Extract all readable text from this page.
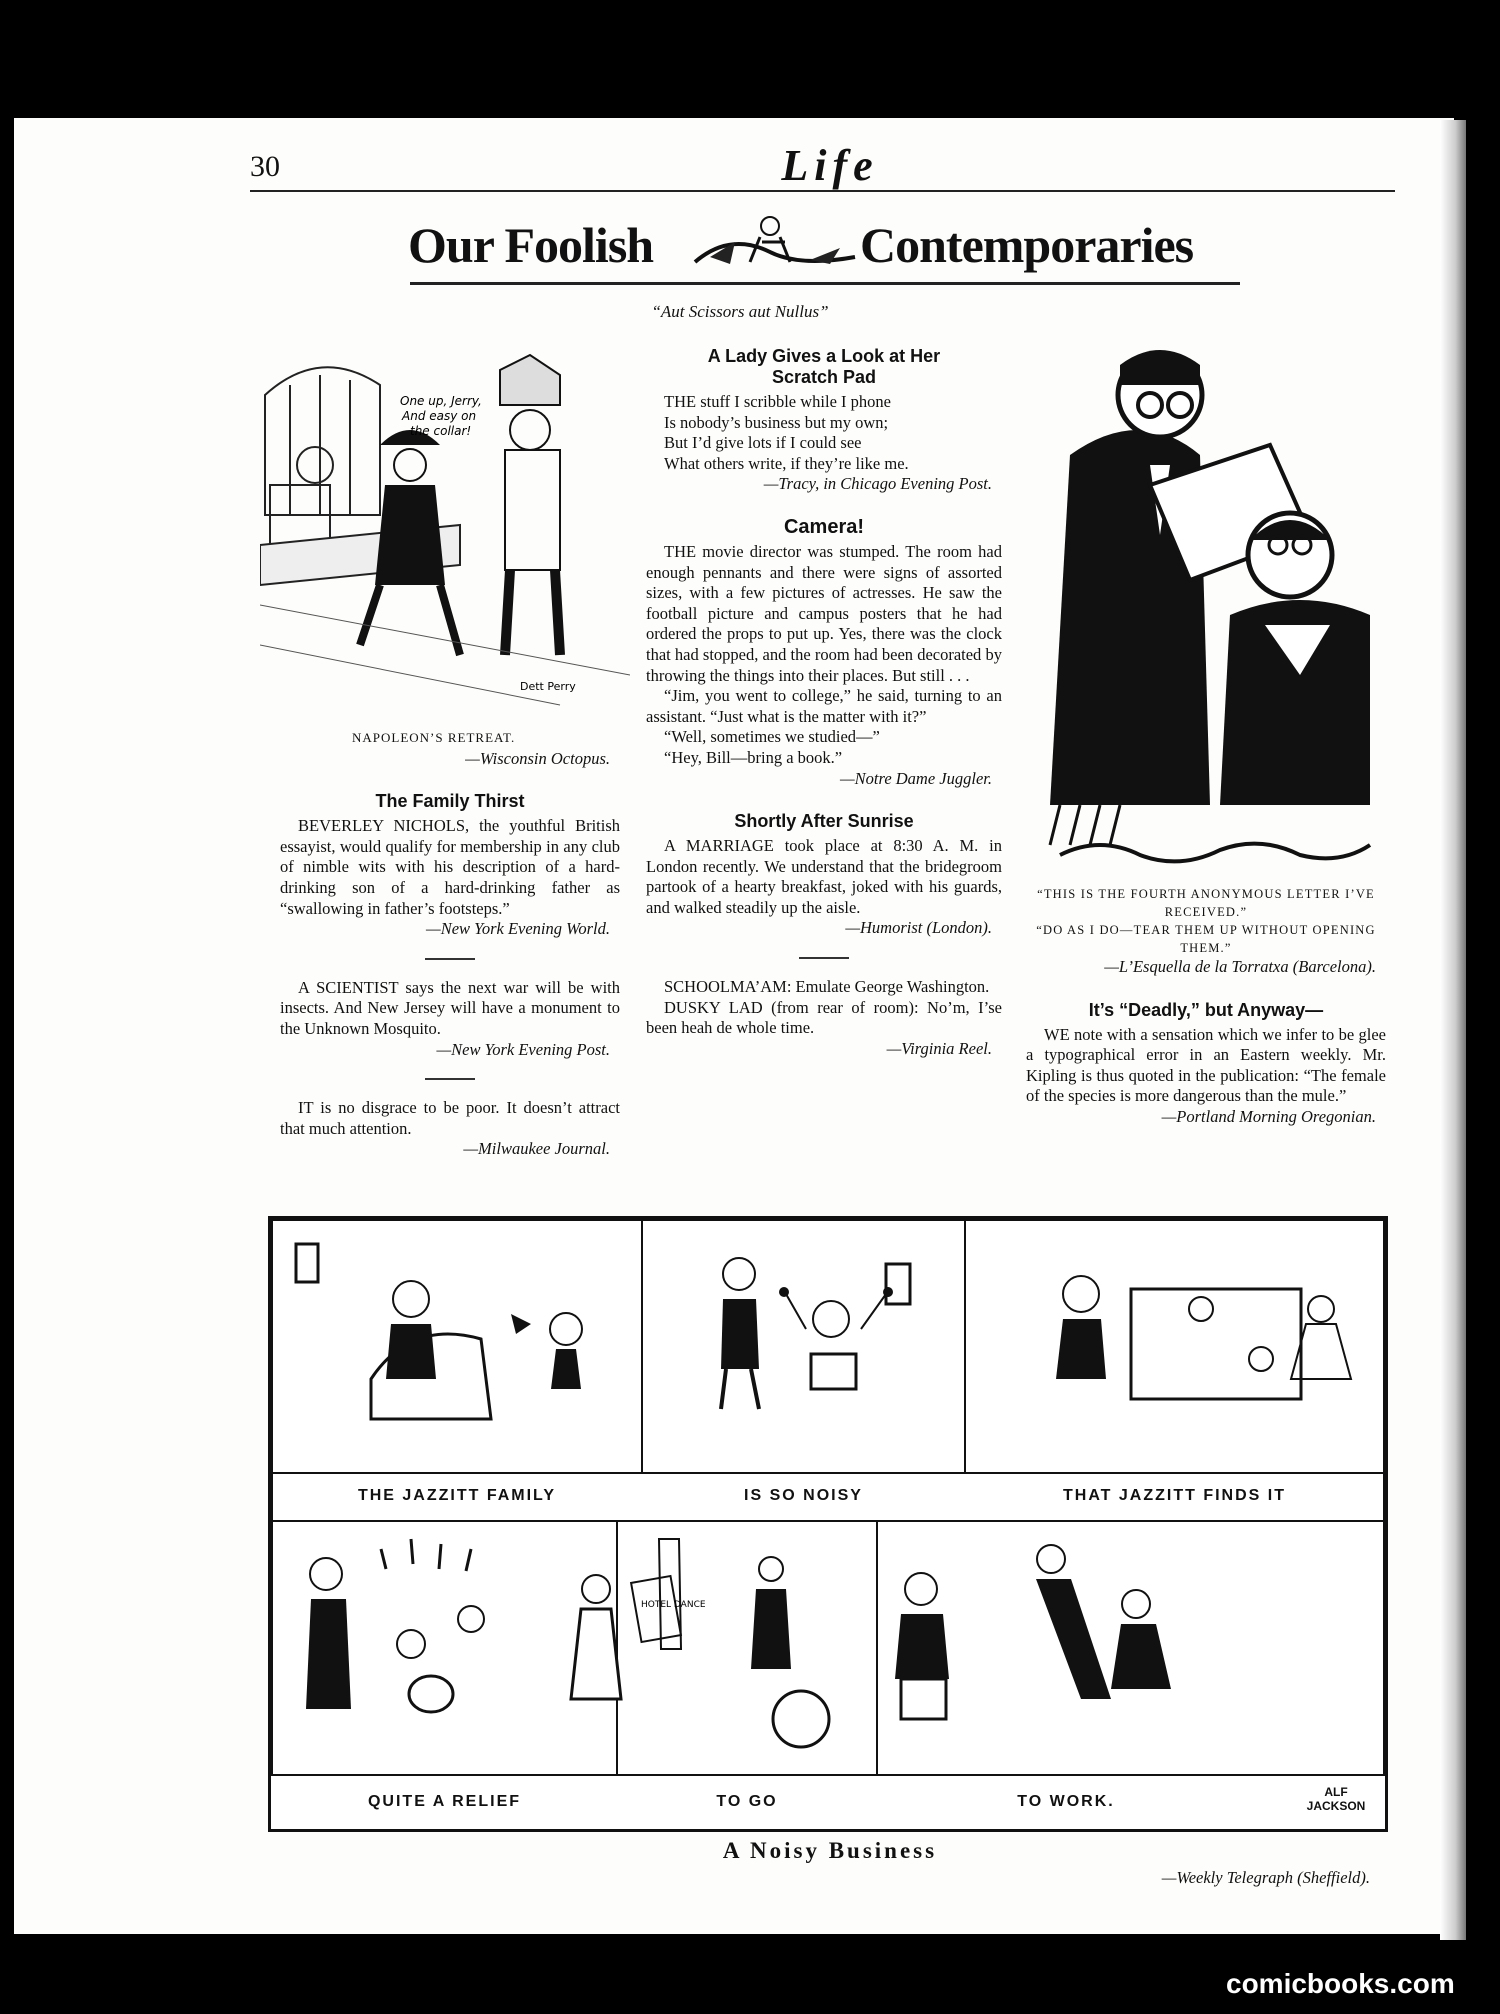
30	Life
Our Foolish	Contemporaries
“Aut Scissors aut Nullus”
One up, Jerry,
And easy on
the collar!
Dett Perry
NAPOLEON’S RETREAT.
—Wisconsin Octopus.
The Family Thirst

BEVERLEY NICHOLS, the youthful British essayist, would qualify for membership in any club of nimble wits with his description of a hard-drinking son of a hard-drinking father as “swallowing in father’s footsteps.”

—New York Evening World.

A SCIENTIST says the next war will be with insects. And New Jersey will have a monument to the Unknown Mosquito.

—New York Evening Post.

IT is no disgrace to be poor. It doesn’t attract that much attention.

—Milwaukee Journal.
A Lady Gives a Look at Her Scratch Pad
THE stuff I scribble while I phone
Is nobody’s business but my own;
But I’d give lots if I could see
What others write, if they’re like me.
—Tracy, in Chicago Evening Post.
Camera!

THE movie director was stumped. The room had enough pennants and there were signs of assorted sizes, with a few pictures of actresses. He saw the football picture and campus posters that he had ordered the props to put up. Yes, there was the clock that had stopped, and the room had been decorated by throwing the things into their places. But still . . .

“Jim, you went to college,” he said, turning to an assistant. “Just what is the matter with it?”

“Well, sometimes we studied—”

“Hey, Bill—bring a book.”

—Notre Dame Juggler.
Shortly After Sunrise

A MARRIAGE took place at 8:30 A. M. in London recently. We understand that the bridegroom partook of a hearty breakfast, joked with his guards, and walked steadily up the aisle.

—Humorist (London).

SCHOOLMA’AM: Emulate George Washington.

DUSKY LAD (from rear of room): No’m, I’se been heah de whole time.

—Virginia Reel.
“THIS IS THE FOURTH ANONYMOUS LETTER I’VE RECEIVED.”
“DO AS I DO—TEAR THEM UP WITHOUT OPENING THEM.”
—L’Esquella de la Torratxa (Barcelona).
It’s “Deadly,” but Anyway—

WE note with a sensation which we infer to be glee a typographical error in an Eastern weekly. Mr. Kipling is thus quoted in the publication: “The female of the species is more dangerous than the mule.”

—Portland Morning Oregonian.
HOTEL DANCE
THE JAZZITT FAMILY	IS SO NOISY	THAT JAZZITT FINDS IT
QUITE A RELIEF	TO GO	TO WORK.
ALF JACKSON
A Noisy Business
—Weekly Telegraph (Sheffield).
comicbooks.com
